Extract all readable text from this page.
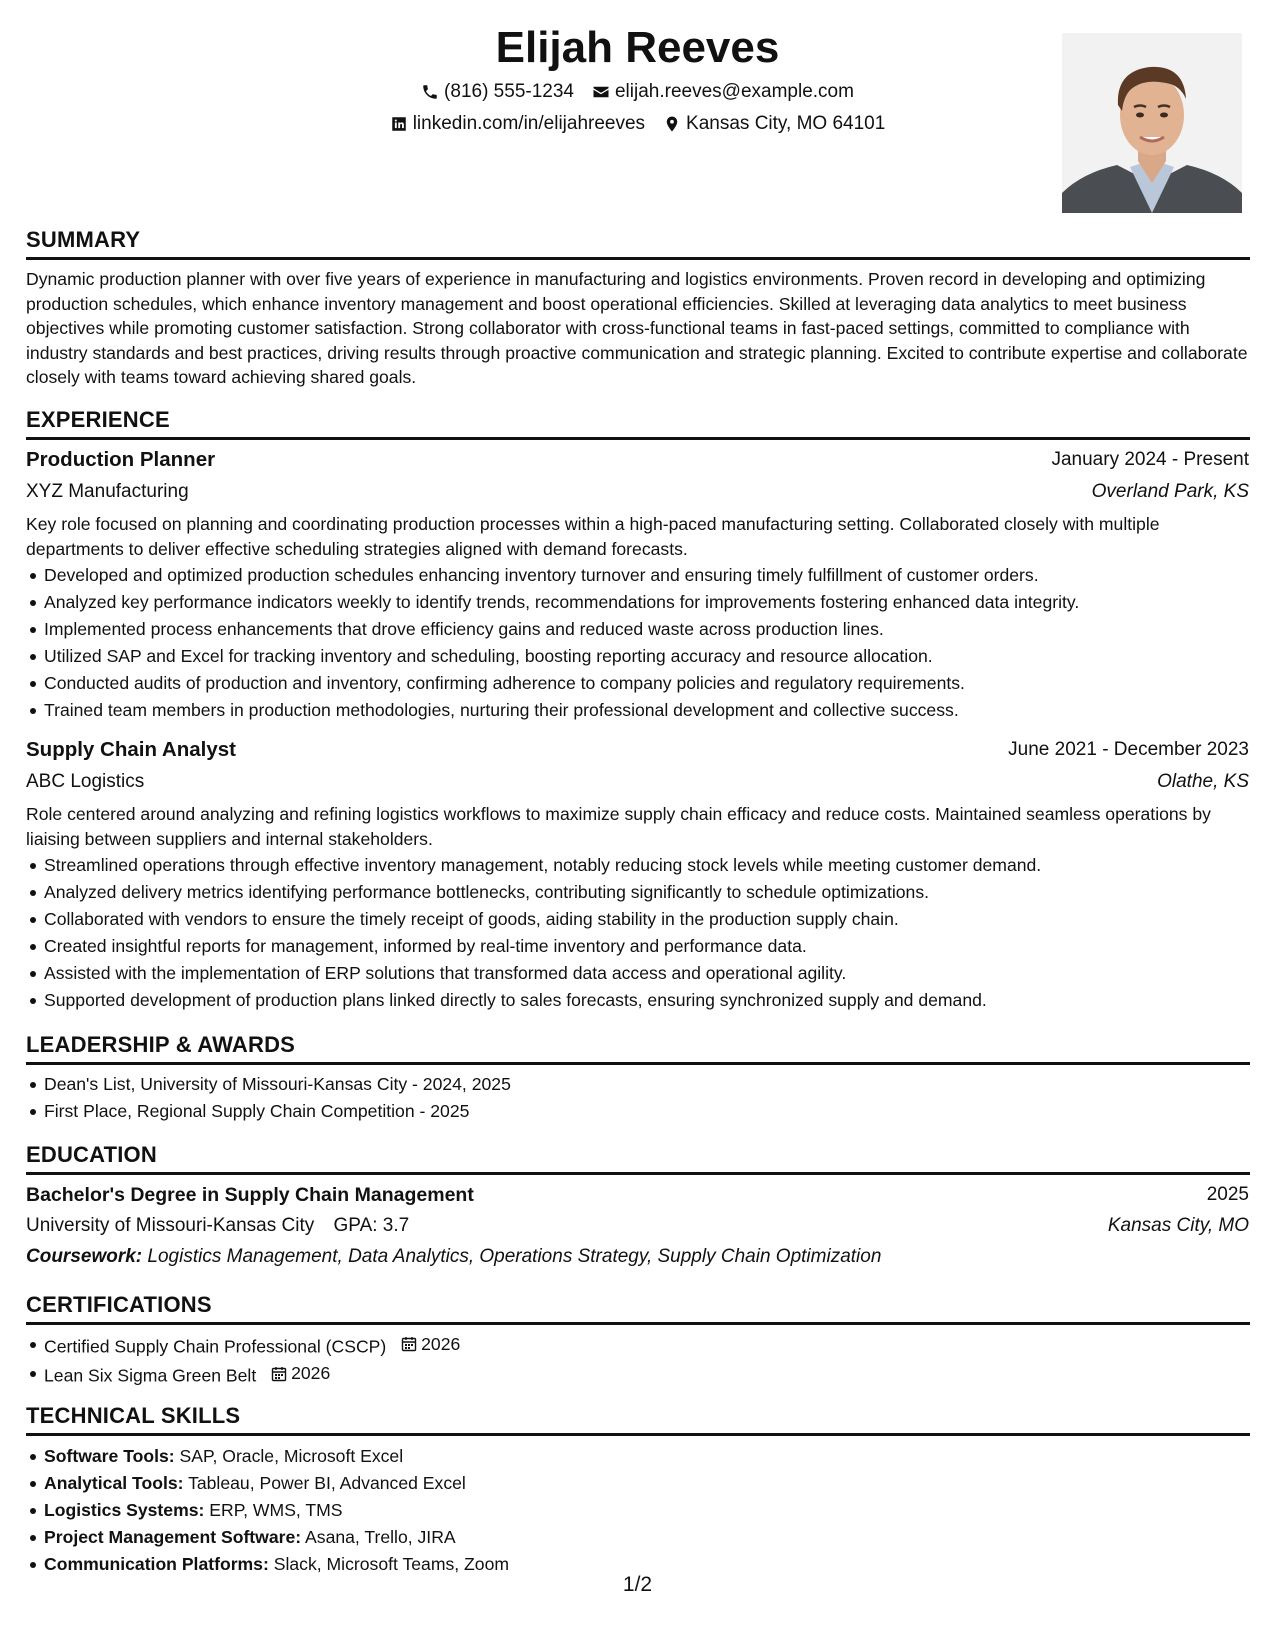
Elijah Reeves
(816) 555-1234 elijah.reeves@example.com
linkedin.com/in/elijahreeves Kansas City, MO 64101
SUMMARY
Dynamic production planner with over five years of experience in manufacturing and logistics environments. Proven record in developing and optimizing production schedules, which enhance inventory management and boost operational efficiencies. Skilled at leveraging data analytics to meet business objectives while promoting customer satisfaction. Strong collaborator with cross-functional teams in fast-paced settings, committed to compliance with industry standards and best practices, driving results through proactive communication and strategic planning. Excited to contribute expertise and collaborate closely with teams toward achieving shared goals.
EXPERIENCE
Production Planner	January 2024 - Present
XYZ Manufacturing	Overland Park, KS
Key role focused on planning and coordinating production processes within a high-paced manufacturing setting. Collaborated closely with multiple departments to deliver effective scheduling strategies aligned with demand forecasts.
Developed and optimized production schedules enhancing inventory turnover and ensuring timely fulfillment of customer orders.
Analyzed key performance indicators weekly to identify trends, recommendations for improvements fostering enhanced data integrity.
Implemented process enhancements that drove efficiency gains and reduced waste across production lines.
Utilized SAP and Excel for tracking inventory and scheduling, boosting reporting accuracy and resource allocation.
Conducted audits of production and inventory, confirming adherence to company policies and regulatory requirements.
Trained team members in production methodologies, nurturing their professional development and collective success.
Supply Chain Analyst	June 2021 - December 2023
ABC Logistics	Olathe, KS
Role centered around analyzing and refining logistics workflows to maximize supply chain efficacy and reduce costs. Maintained seamless operations by liaising between suppliers and internal stakeholders.
Streamlined operations through effective inventory management, notably reducing stock levels while meeting customer demand.
Analyzed delivery metrics identifying performance bottlenecks, contributing significantly to schedule optimizations.
Collaborated with vendors to ensure the timely receipt of goods, aiding stability in the production supply chain.
Created insightful reports for management, informed by real-time inventory and performance data.
Assisted with the implementation of ERP solutions that transformed data access and operational agility.
Supported development of production plans linked directly to sales forecasts, ensuring synchronized supply and demand.
LEADERSHIP & AWARDS
Dean's List, University of Missouri-Kansas City - 2024, 2025
First Place, Regional Supply Chain Competition - 2025
EDUCATION
Bachelor's Degree in Supply Chain Management	2025
University of Missouri-Kansas City GPA: 3.7	Kansas City, MO
Coursework: Logistics Management, Data Analytics, Operations Strategy, Supply Chain Optimization
CERTIFICATIONS
Certified Supply Chain Professional (CSCP) 2026
Lean Six Sigma Green Belt 2026
TECHNICAL SKILLS
Software Tools: SAP, Oracle, Microsoft Excel
Analytical Tools: Tableau, Power BI, Advanced Excel
Logistics Systems: ERP, WMS, TMS
Project Management Software: Asana, Trello, JIRA
Communication Platforms: Slack, Microsoft Teams, Zoom
1/2
